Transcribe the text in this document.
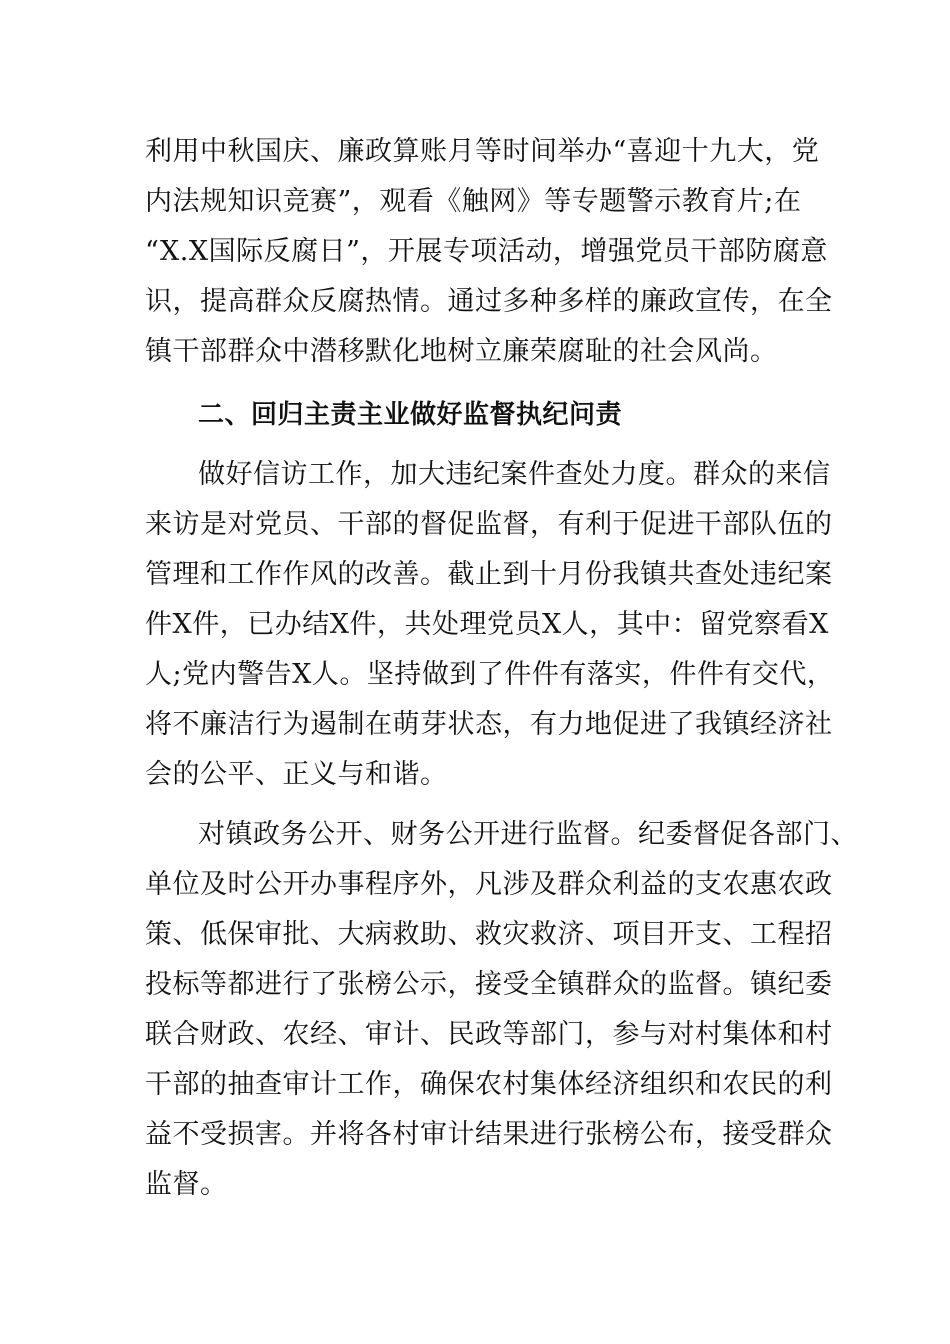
利用中秋国庆、廉政算账月等时间举办“喜迎十九大，党
内法规知识竞赛”，观看《触网》等专题警示教育片;在
“X.X国际反腐日”，开展专项活动，增强党员干部防腐意
识，提高群众反腐热情。通过多种多样的廉政宣传，在全
镇干部群众中潜移默化地树立廉荣腐耻的社会风尚。
二、回归主责主业做好监督执纪问责
做好信访工作，加大违纪案件查处力度。群众的来信
来访是对党员、干部的督促监督，有利于促进干部队伍的
管理和工作作风的改善。截止到十月份我镇共查处违纪案
件X件，已办结X件，共处理党员X人，其中：留党察看X
人;党内警告X人。坚持做到了件件有落实，件件有交代，
将不廉洁行为遏制在萌芽状态，有力地促进了我镇经济社
会的公平、正义与和谐。
对镇政务公开、财务公开进行监督。纪委督促各部门、
单位及时公开办事程序外，凡涉及群众利益的支农惠农政
策、低保审批、大病救助、救灾救济、项目开支、工程招
投标等都进行了张榜公示，接受全镇群众的监督。镇纪委
联合财政、农经、审计、民政等部门，参与对村集体和村
干部的抽查审计工作，确保农村集体经济组织和农民的利
益不受损害。并将各村审计结果进行张榜公布，接受群众
监督。
